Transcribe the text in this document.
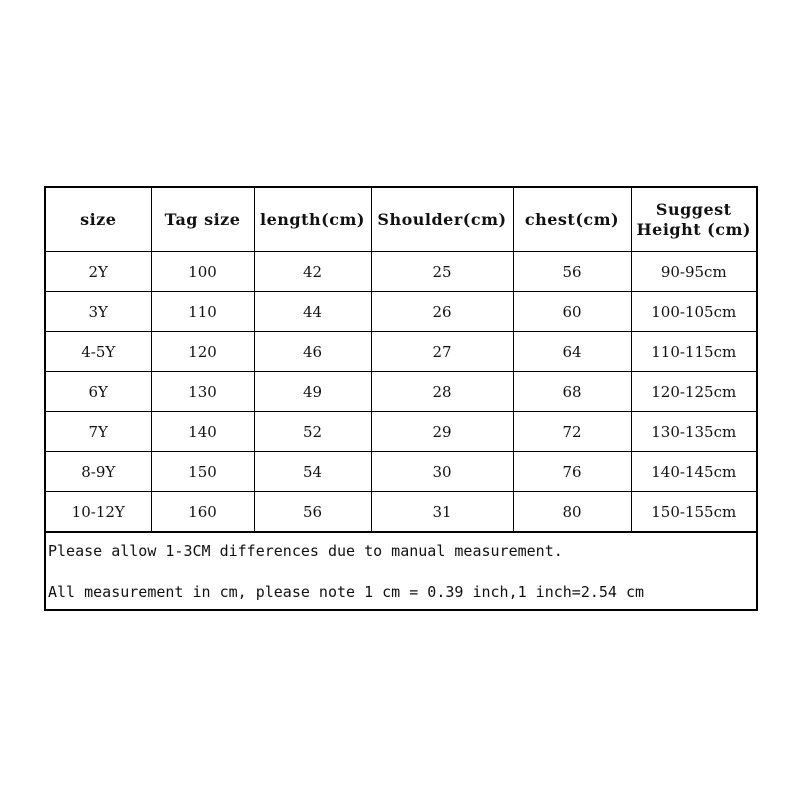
size	Tag size	length(cm)	Shoulder(cm)	chest(cm)	Suggest Height (cm)
2Y	100	42	25	56	90-95cm
3Y	110	44	26	60	100-105cm
4-5Y	120	46	27	64	110-115cm
6Y	130	49	28	68	120-125cm
7Y	140	52	29	72	130-135cm
8-9Y	150	54	30	76	140-145cm
10-12Y	160	56	31	80	150-155cm

Please allow 1-3CM differences due to manual measurement.

All measurement in cm, please note 1 cm = 0.39 inch,1 inch=2.54 cm
